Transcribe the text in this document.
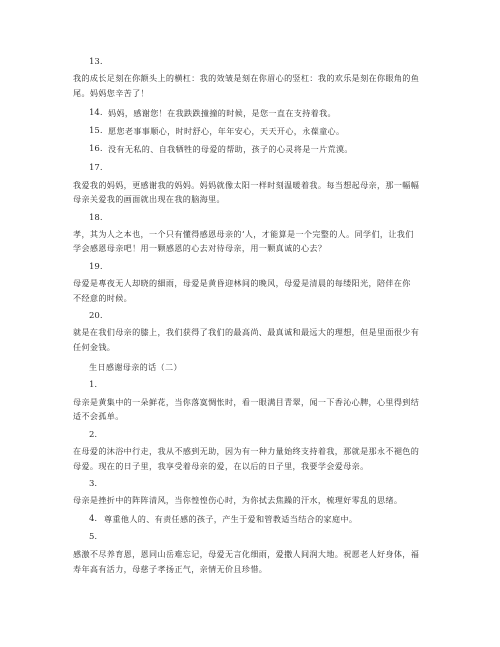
13.
我的成长足刻在你额头上的横杠：我的效皱是刻在你眉心的竖杠：我的欢乐是刻在你眼角的鱼
尾。妈妈您辛苦了！
14. 妈妈，感谢您！在我跌跌撞撞的时候，是您一直在支持着我。
15. 愿您老事事顺心，时时舒心，年年安心，天天开心，永葆童心。
16. 没有无私的、自我牺牲的母爱的帮助，孩子的心灵将是一片荒漠。
17.
我爱我的妈妈，更感谢我的妈妈。妈妈就像太阳一样时刻温暖着我。每当想起母亲，那一幅幅
母亲关爱我的画面就出现在我的脑海里。
18.
孝，其为人之本也，一个只有懂得感恩母亲的‘人，才能算是一个完整的人。同学们，让我们
学会感恩母亲吧！用一颗感恩的心去对待母亲，用一颗真诚的心去？
19.
母爱是專夜无人却晓的細雨，母爱是黄昏迎林间的晚风，母爱是清晨的每缕阳光，陪伴在你
不经意的时候。
20.
就是在我们母亲的膝上，我们获得了我们的最高尚、最真诚和最远大的理想，但是里面很少有
任何金钱。
生日感谢母亲的话（二）
1.
母亲是黄集中的一朵鲜花，当你落寞惆怅时，看一眼满目青翠，闻一下香沁心脾，心里得到结
适不会孤单。
2.
在母爱的沐浴中行走，我从不感到无助，因为有一种力量始终支持着我，那就是那永不褪色的
母爱。现在的日子里，我享受着母亲的爱，在以后的日子里，我要学会爱母亲。
3.
母亲是挫折中的阵阵清风，当你惶惶伤心时，为你拭去焦躁的汗水，梳理好零乱的思绪。
4. 尊重他人的、有责任感的孩子，产生于爱和管教适当结合的家庭中。
5.
感激不尽养育恩，恩同山岳难忘记，母爱无言化细雨，爱撒人间润大地。祝愿老人好身体，福
寿年高有活力，母慈子孝扬正气，亲情无价且珍惜。
